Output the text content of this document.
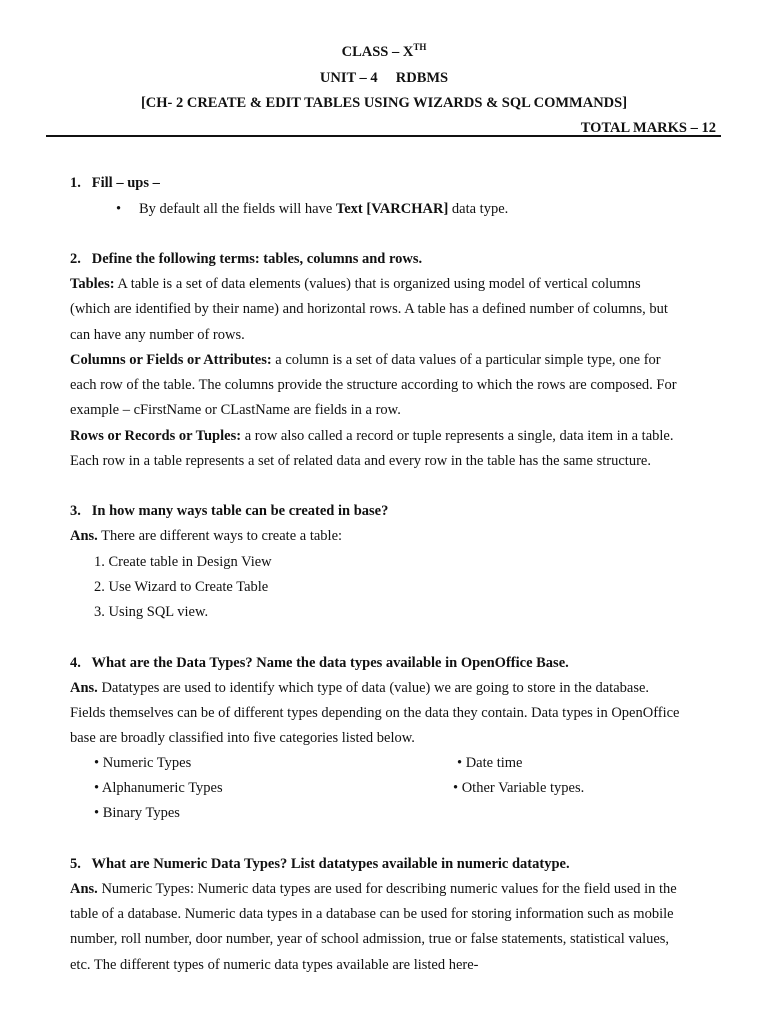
CLASS – XTH
UNIT – 4     RDBMS
[CH- 2 CREATE & EDIT TABLES USING WIZARDS & SQL COMMANDS]
TOTAL MARKS – 12
1.   Fill – ups –
• By default all the fields will have Text [VARCHAR] data type.
2.   Define the following terms: tables, columns and rows.
Tables: A table is a set of data elements (values) that is organized using model of vertical columns
(which are identified by their name) and horizontal rows. A table has a defined number of columns, but
can have any number of rows.
Columns or Fields or Attributes: a column is a set of data values of a particular simple type, one for
each row of the table. The columns provide the structure according to which the rows are composed. For
example – cFirstName or CLastName are fields in a row.
Rows or Records or Tuples: a row also called a record or tuple represents a single, data item in a table.
Each row in a table represents a set of related data and every row in the table has the same structure.
3.   In how many ways table can be created in base?
Ans. There are different ways to create a table:
1. Create table in Design View
2. Use Wizard to Create Table
3. Using SQL view.
4.   What are the Data Types? Name the data types available in OpenOffice Base.
Ans. Datatypes are used to identify which type of data (value) we are going to store in the database.
Fields themselves can be of different types depending on the data they contain. Data types in OpenOffice
base are broadly classified into five categories listed below.
• Numeric Types	• Date time
• Alphanumeric Types	• Other Variable types.
• Binary Types
5.   What are Numeric Data Types? List datatypes available in numeric datatype.
Ans. Numeric Types: Numeric data types are used for describing numeric values for the field used in the
table of a database. Numeric data types in a database can be used for storing information such as mobile
number, roll number, door number, year of school admission, true or false statements, statistical values,
etc. The different types of numeric data types available are listed here-
